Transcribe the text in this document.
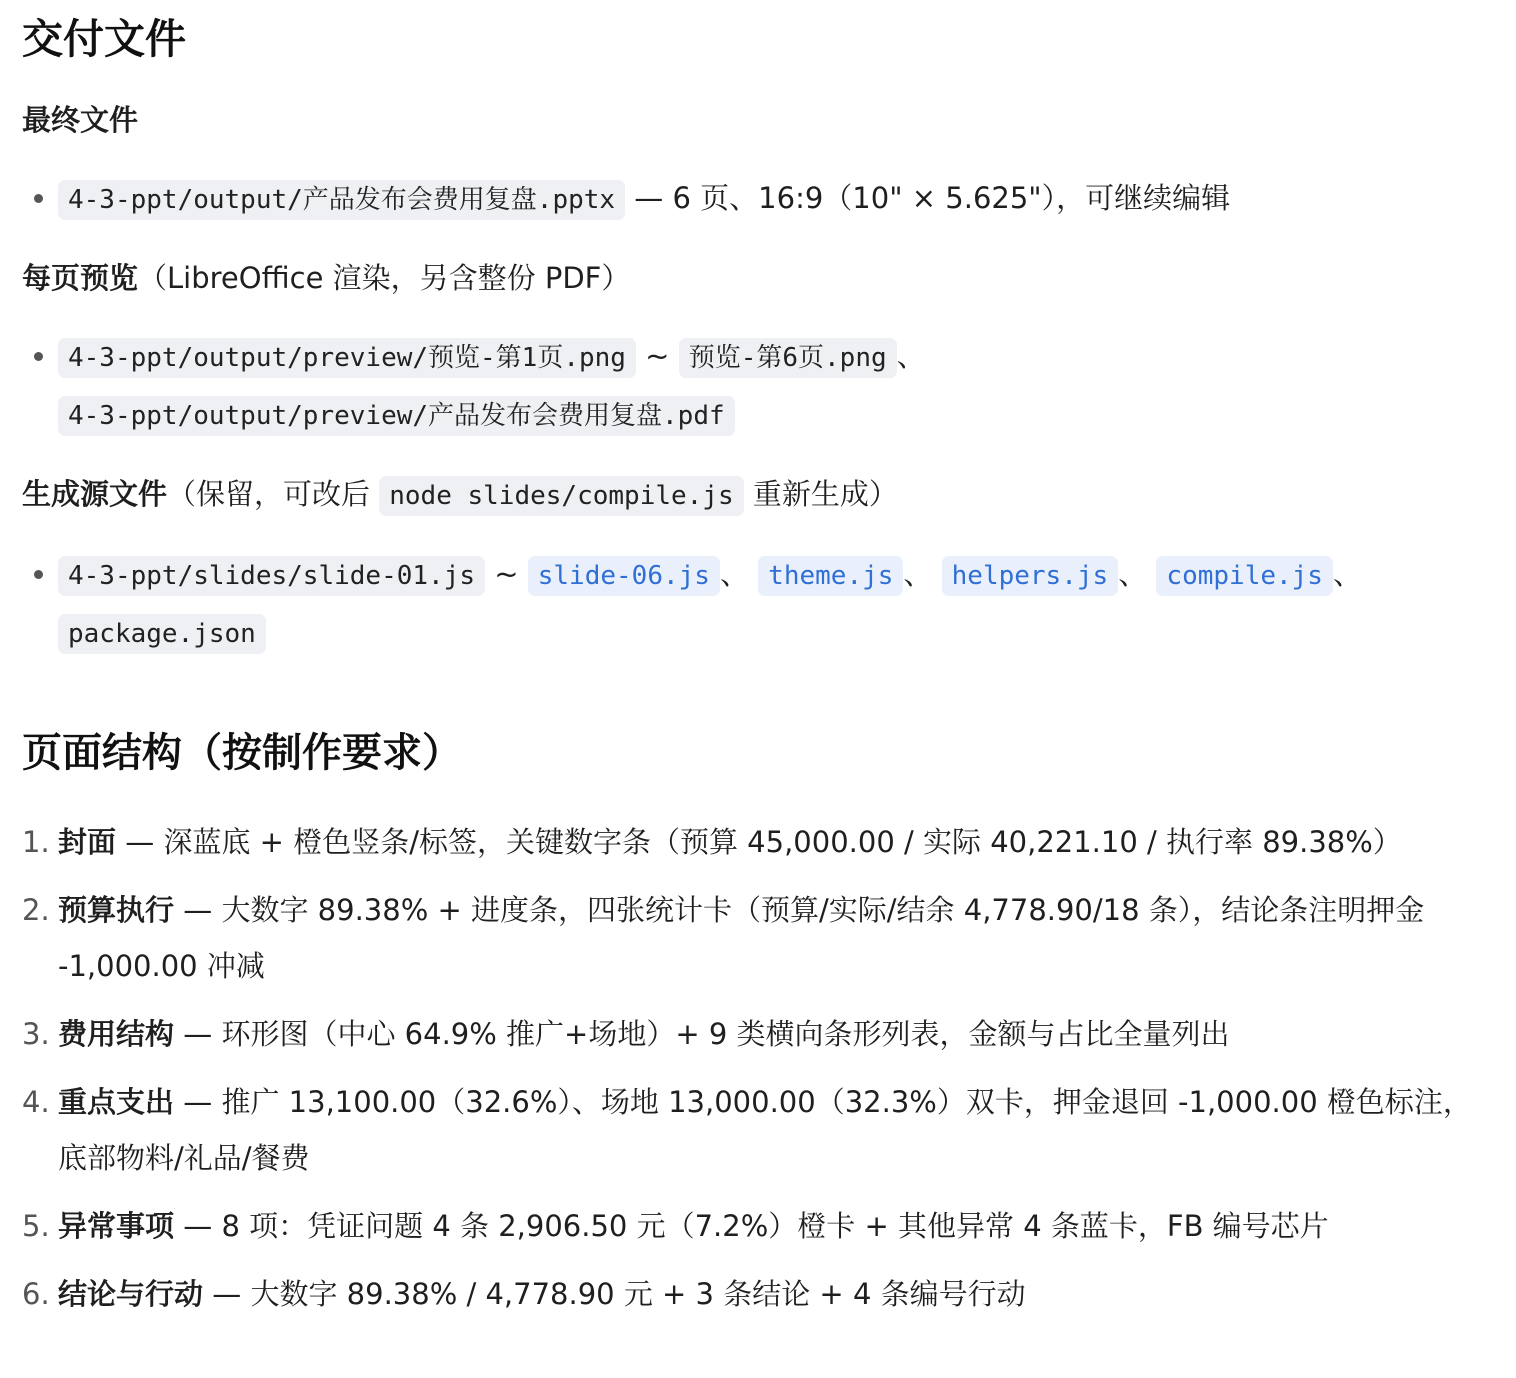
交付文件

最终文件

4-3-ppt/output/产品发布会费用复盘.pptx — 6 页、16:9（10" × 5.625"），可继续编辑

每页预览（LibreOffice 渲染，另含整份 PDF）

4-3-ppt/output/preview/预览-第1页.png ~ 预览-第6页.png 、
4-3-ppt/output/preview/产品发布会费用复盘.pdf

生成源文件（保留，可改后 node slides/compile.js 重新生成）

4-3-ppt/slides/slide-01.js ~ slide-06.js 、 theme.js 、 helpers.js 、 compile.js 、
package.json
页面结构（按制作要求）
1. 封面 — 深蓝底 + 橙色竖条/标签，关键数字条（预算 45,000.00 / 实际 40,221.10 / 执行率 89.38%）
2. 预算执行 — 大数字 89.38% + 进度条，四张统计卡（预算/实际/结余 4,778.90/18 条），结论条注明押金 -1,000.00 冲减
3. 费用结构 — 环形图（中心 64.9% 推广+场地）+ 9 类横向条形列表，金额与占比全量列出
4. 重点支出 — 推广 13,100.00（32.6%）、场地 13,000.00（32.3%）双卡，押金退回 -1,000.00 橙色标注，底部物料/礼品/餐费
5. 异常事项 — 8 项：凭证问题 4 条 2,906.50 元（7.2%）橙卡 + 其他异常 4 条蓝卡，FB 编号芯片
6. 结论与行动 — 大数字 89.38% / 4,778.90 元 + 3 条结论 + 4 条编号行动
